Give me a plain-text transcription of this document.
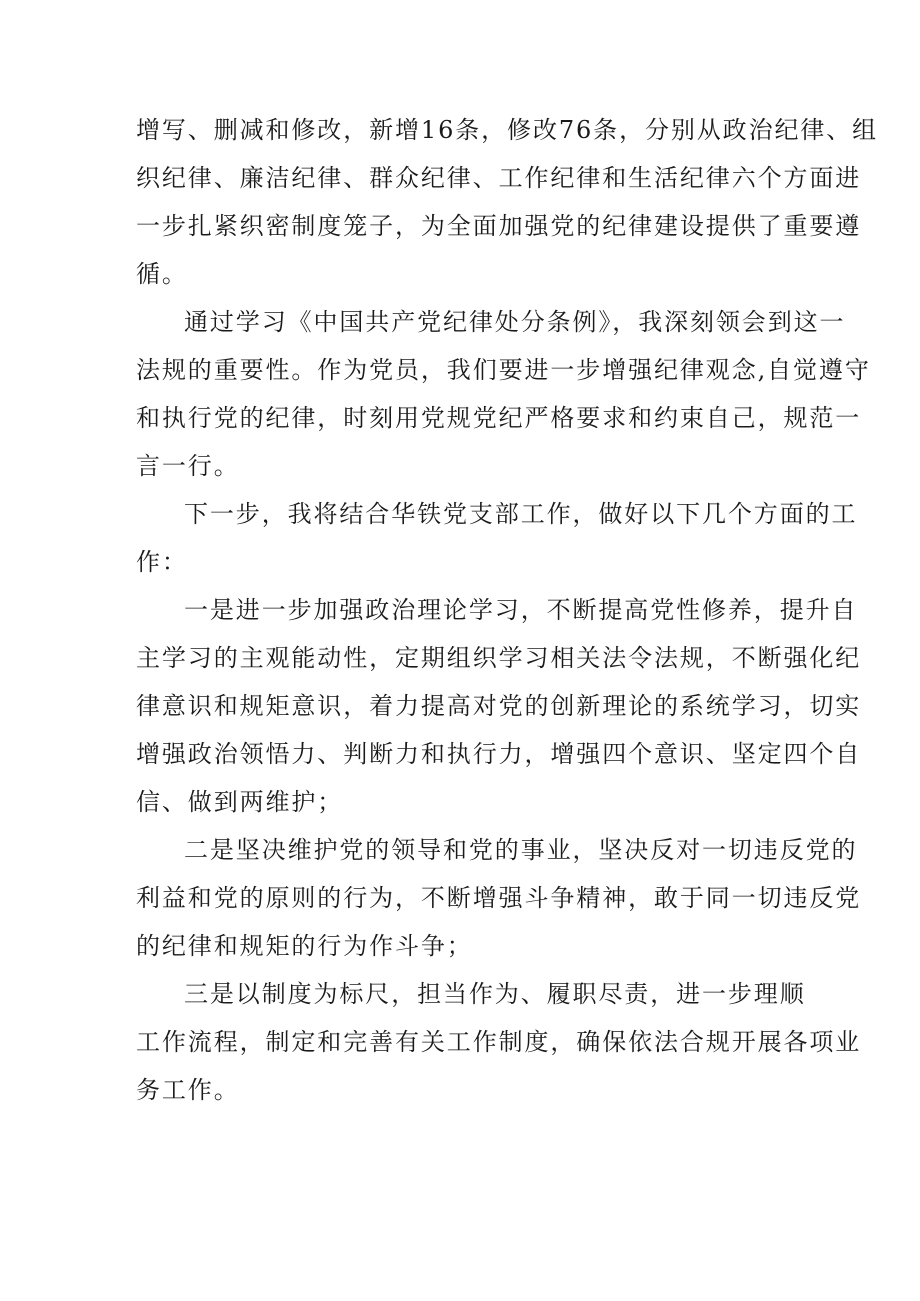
增写、删减和修改，新增16条，修改76条，分别从政治纪律、组
织纪律、廉洁纪律、群众纪律、工作纪律和生活纪律六个方面进
一步扎紧织密制度笼子，为全面加强党的纪律建设提供了重要遵
循。
通过学习《中国共产党纪律处分条例》，我深刻领会到这一
法规的重要性。作为党员，我们要进一步增强纪律观念,自觉遵守
和执行党的纪律，时刻用党规党纪严格要求和约束自己，规范一
言一行。
下一步，我将结合华铁党支部工作，做好以下几个方面的工
作：
一是进一步加强政治理论学习，不断提高党性修养，提升自
主学习的主观能动性，定期组织学习相关法令法规，不断强化纪
律意识和规矩意识，着力提高对党的创新理论的系统学习，切实
增强政治领悟力、判断力和执行力，增强四个意识、坚定四个自
信、做到两维护；
二是坚决维护党的领导和党的事业，坚决反对一切违反党的
利益和党的原则的行为，不断增强斗争精神，敢于同一切违反党
的纪律和规矩的行为作斗争；
三是以制度为标尺，担当作为、履职尽责，进一步理顺
工作流程，制定和完善有关工作制度，确保依法合规开展各项业
务工作。
